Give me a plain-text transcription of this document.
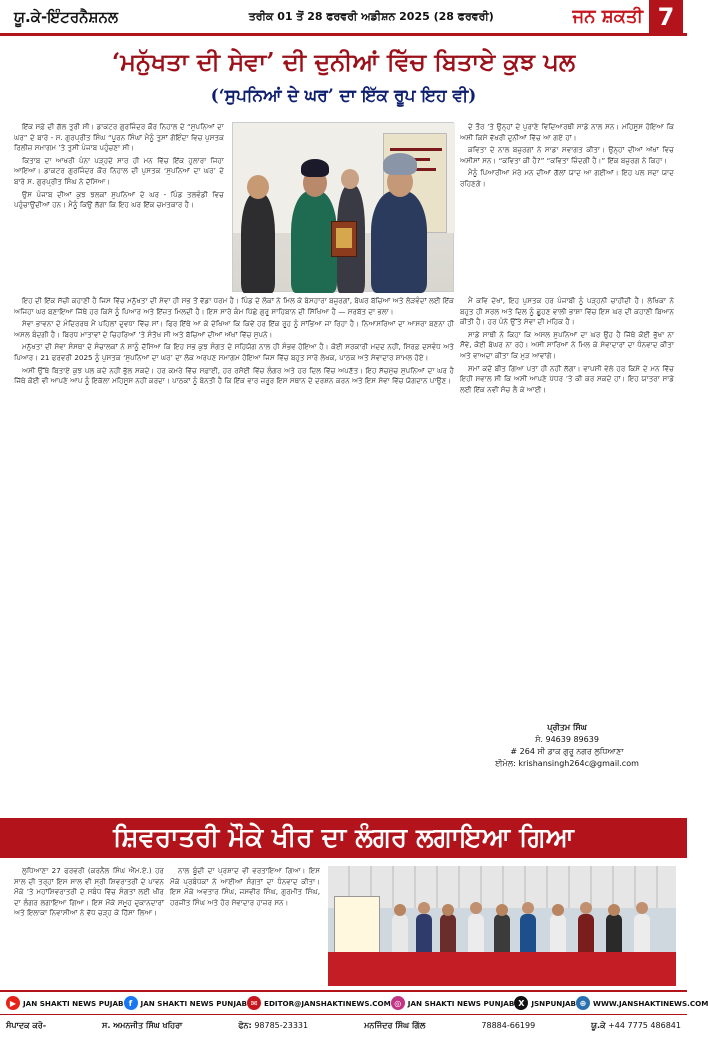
ਯੂ.ਕੇ-ਇੰਟਰਨੈਸ਼ਨਲ	ਤਰੀਕ 01 ਤੋਂ 28 ਫਰਵਰੀ ਅਡੀਸ਼ਨ 2025 (28 ਫਰਵਰੀ)	ਜਨ ਸ਼ਕਤੀ 7
‘ਮਨੁੱਖਤਾ ਦੀ ਸੇਵਾ’ ਦੀ ਦੁਨੀਆਂ ਵਿੱਚ ਬਿਤਾਏ ਕੁਝ ਪਲ
(‘ਸੁਪਨਿਆਂ ਦੇ ਘਰ’ ਦਾ ਇੱਕ ਰੂਪ ਇਹ ਵੀ)

ਇੱਕ ਸਫ਼ੇ ਦੀ ਗੱਲ ਤੁਰੀ ਸੀ। ਡਾਕਟਰ ਗੁਰਜਿੰਦਰ ਕੌਰ ਨਿਹਾਲ ਦੇ “ਸੁਪਨਿਆਂ ਦਾ ਘਰ” ਦੇ ਬਾਰੇ - ਸ. ਗੁਰਪ੍ਰੀਤ ਸਿੰਘ “ਪੂਰਨ ਸਿੰਘਾਂ ਮੈਨੂੰ ਤੁਸਾਂ ਗੋਇੰਦਾ ਵਿਚ ਪੁਸਤਕ ਰਿਲੀਜ਼ ਸਮਾਗਮ ’ਤੇ ਤੁਸੀਂ ਪੰਜਾਬ ਪਹੁੰਚਣਾ ਸੀ।

ਕਿਤਾਬ ਦਾ ਆਖਰੀ ਪੰਨਾ ਪੜ੍ਹਦੇ ਸਾਰ ਹੀ ਮਨ ਵਿੱਚ ਇੱਕ ਹੁਲਾਰਾ ਜਿਹਾ ਆਇਆ। ਡਾਕਟਰ ਗੁਰਜਿੰਦਰ ਕੌਰ ਨਿਹਾਲ ਦੀ ਪੁਸਤਕ ‘ਸੁਪਨਿਆਂ ਦਾ ਘਰ’ ਦੇ ਬਾਰੇ ਸ. ਗੁਰਪ੍ਰੀਤ ਸਿੰਘ ਨੇ ਦੱਸਿਆ।

ਉਸ ਪੰਜਾਬ ਦੀਆਂ ਕੁਝ ਝਲਕਾਂ ਸੁਪਨਿਆਂ ਦੇ ਘਰ - ਪਿੰਡ ਤਲਵੰਡੀ ਵਿਚ ਪਹੁੰਚਾਉਂਦੀਆਂ ਹਨ। ਮੈਨੂੰ ਕਿਉਂ ਲੱਗਾ ਕਿ ਇਹ ਘਰ ਇੱਕ ਚਮਤਕਾਰ ਹੈ।

ਦੇ ਤੌਰ ’ਤੇ ਉਨ੍ਹਾਂ ਦੇ ਪੁਰਾਣੇ ਵਿਦਿਆਰਥੀ ਸਾਡੇ ਨਾਲ ਸਨ। ਮਹਿਸੂਸ ਹੋਇਆ ਕਿ ਅਸੀਂ ਕਿਸੇ ਵੱਖਰੀ ਦੁਨੀਆਂ ਵਿੱਚ ਆ ਗਏ ਹਾਂ।

ਕਵਿਤਾ ਦੇ ਨਾਲ ਬਜ਼ੁਰਗਾਂ ਨੇ ਸਾਡਾ ਸਵਾਗਤ ਕੀਤਾ। ਉਨ੍ਹਾਂ ਦੀਆਂ ਅੱਖਾਂ ਵਿਚ ਅਸੀਸਾਂ ਸਨ। “ਕਵਿਤਾ ਕੀ ਹੈ?” “ਕਵਿਤਾ ਜ਼ਿੰਦਗੀ ਹੈ।” ਇੱਕ ਬਜ਼ੁਰਗ ਨੇ ਕਿਹਾ।

ਮੈਨੂੰ ਪਿਆਰੀਆਂ ਮੇਰੇ ਮਨ ਦੀਆਂ ਗੱਲਾਂ ਯਾਦ ਆ ਗਈਆਂ। ਇਹ ਪਲ ਸਦਾ ਯਾਦ ਰਹਿਣਗੇ।

ਇਹ ਦੀ ਇੱਕ ਸੱਚੀ ਕਹਾਣੀ ਹੈ ਜਿਸ ਵਿੱਚ ਮਨੁੱਖਤਾ ਦੀ ਸੇਵਾ ਹੀ ਸਭ ਤੋਂ ਵੱਡਾ ਧਰਮ ਹੈ। ਪਿੰਡ ਦੇ ਲੋਕਾਂ ਨੇ ਮਿਲ ਕੇ ਬੇਸਹਾਰਾ ਬਜ਼ੁਰਗਾਂ, ਬੇਘਰ ਬੱਚਿਆਂ ਅਤੇ ਲੋੜਵੰਦਾਂ ਲਈ ਇੱਕ ਅਜਿਹਾ ਘਰ ਬਣਾਇਆ ਜਿੱਥੇ ਹਰ ਕਿਸੇ ਨੂੰ ਪਿਆਰ ਅਤੇ ਇੱਜ਼ਤ ਮਿਲਦੀ ਹੈ। ਇਸ ਸਾਰੇ ਕੰਮ ਪਿੱਛੇ ਗੁਰੂ ਸਾਹਿਬਾਨ ਦੀ ਸਿੱਖਿਆ ਹੈ — ਸਰਬੱਤ ਦਾ ਭਲਾ।

ਸੇਵਾ ਭਾਵਨਾ ਦੇ ਮੰਦਿਰਰਥ ਮੈਂ ਪਹਿਲਾਂ ਦੁਵਧਾ ਵਿੱਚ ਸਾਂ। ਫਿਰ ਇੱਥੇ ਆ ਕੇ ਦੇਖਿਆ ਕਿ ਕਿਵੇਂ ਹਰ ਇੱਕ ਰੂਹ ਨੂੰ ਸਾਂਭਿਆ ਜਾ ਰਿਹਾ ਹੈ। ਨਿਆਸਰਿਆਂ ਦਾ ਆਸਰਾ ਬਣਨਾ ਹੀ ਅਸਲ ਬੰਦਗੀ ਹੈ। ਬਿਰਧ ਮਾਤਾਵਾਂ ਦੇ ਚਿਹਰਿਆਂ ’ਤੇ ਸੰਤੋਖ ਸੀ ਅਤੇ ਬੱਚਿਆਂ ਦੀਆਂ ਅੱਖਾਂ ਵਿੱਚ ਸੁਪਨੇ।

ਮਨੁੱਖਤਾ ਦੀ ਸੇਵਾ ਸੰਸਥਾ ਦੇ ਸੰਚਾਲਕਾਂ ਨੇ ਸਾਨੂੰ ਦੱਸਿਆ ਕਿ ਇਹ ਸਭ ਕੁਝ ਸੰਗਤ ਦੇ ਸਹਿਯੋਗ ਨਾਲ ਹੀ ਸੰਭਵ ਹੋਇਆ ਹੈ। ਕੋਈ ਸਰਕਾਰੀ ਮਦਦ ਨਹੀਂ, ਸਿਰਫ਼ ਦਸਵੰਧ ਅਤੇ ਪਿਆਰ। 21 ਫਰਵਰੀ 2025 ਨੂੰ ਪੁਸਤਕ ‘ਸੁਪਨਿਆਂ ਦਾ ਘਰ’ ਦਾ ਲੋਕ ਅਰਪਣ ਸਮਾਗਮ ਹੋਇਆ ਜਿਸ ਵਿੱਚ ਬਹੁਤ ਸਾਰੇ ਲੇਖਕ, ਪਾਠਕ ਅਤੇ ਸੇਵਾਦਾਰ ਸ਼ਾਮਲ ਹੋਏ।

ਅਸੀਂ ਉੱਥੇ ਬਿਤਾਏ ਕੁਝ ਪਲ ਕਦੇ ਨਹੀਂ ਭੁੱਲ ਸਕਦੇ। ਹਰ ਕਮਰੇ ਵਿੱਚ ਸਫ਼ਾਈ, ਹਰ ਰਸੋਈ ਵਿੱਚ ਲੰਗਰ ਅਤੇ ਹਰ ਦਿਲ ਵਿੱਚ ਅਪਣੱਤ। ਇਹ ਸੱਚਮੁੱਚ ਸੁਪਨਿਆਂ ਦਾ ਘਰ ਹੈ ਜਿੱਥੇ ਕੋਈ ਵੀ ਆਪਣੇ ਆਪ ਨੂੰ ਇਕੱਲਾ ਮਹਿਸੂਸ ਨਹੀਂ ਕਰਦਾ। ਪਾਠਕਾਂ ਨੂੰ ਬੇਨਤੀ ਹੈ ਕਿ ਇੱਕ ਵਾਰ ਜ਼ਰੂਰ ਇਸ ਸਥਾਨ ਦੇ ਦਰਸ਼ਨ ਕਰਨ ਅਤੇ ਇਸ ਸੇਵਾ ਵਿੱਚ ਯੋਗਦਾਨ ਪਾਉਣ।

ਮੈਂ ਕਵਿ ਦੇਖਾਂ, ਇਹ ਪੁਸਤਕ ਹਰ ਪੰਜਾਬੀ ਨੂੰ ਪੜ੍ਹਨੀ ਚਾਹੀਦੀ ਹੈ। ਲੇਖਿਕਾ ਨੇ ਬਹੁਤ ਹੀ ਸਰਲ ਅਤੇ ਦਿਲ ਨੂੰ ਛੂਹਣ ਵਾਲੀ ਭਾਸ਼ਾ ਵਿੱਚ ਇਸ ਘਰ ਦੀ ਕਹਾਣੀ ਬਿਆਨ ਕੀਤੀ ਹੈ। ਹਰ ਪੰਨੇ ਉੱਤੇ ਸੇਵਾ ਦੀ ਮਹਿਕ ਹੈ।

ਸਾਡੇ ਸਾਥੀ ਨੇ ਕਿਹਾ ਕਿ ਅਸਲ ਸੁਪਨਿਆਂ ਦਾ ਘਰ ਉਹ ਹੈ ਜਿੱਥੇ ਕੋਈ ਭੁੱਖਾ ਨਾ ਸੌਂਵੇ, ਕੋਈ ਬੇਘਰ ਨਾ ਰਹੇ। ਅਸੀਂ ਸਾਰਿਆਂ ਨੇ ਮਿਲ ਕੇ ਸੇਵਾਦਾਰਾਂ ਦਾ ਧੰਨਵਾਦ ਕੀਤਾ ਅਤੇ ਵਾਅਦਾ ਕੀਤਾ ਕਿ ਮੁੜ ਆਵਾਂਗੇ।

ਸਮਾਂ ਕਦੋਂ ਬੀਤ ਗਿਆ ਪਤਾ ਹੀ ਨਹੀਂ ਲੱਗਾ। ਵਾਪਸੀ ਵੇਲੇ ਹਰ ਕਿਸੇ ਦੇ ਮਨ ਵਿੱਚ ਇਹੀ ਸਵਾਲ ਸੀ ਕਿ ਅਸੀਂ ਆਪਣੇ ਪੱਧਰ ’ਤੇ ਕੀ ਕਰ ਸਕਦੇ ਹਾਂ। ਇਹ ਯਾਤਰਾ ਸਾਡੇ ਲਈ ਇੱਕ ਨਵੀਂ ਸੋਚ ਲੈ ਕੇ ਆਈ।

ਪ੍ਰੀਤਮ ਸਿੰਘ
ਸੰ. 94639 89639
# 264 ਸੀ ਡਾਕ ਗੁਰੂ ਨਗਰ ਲੁਧਿਆਣਾ
ਈਮੇਲ: krishansingh264c@gmail.com
ਸ਼ਿਵਰਾਤਰੀ ਮੌਕੇ ਖੀਰ ਦਾ ਲੰਗਰ ਲਗਾਇਆ ਗਿਆ

ਲੁਧਿਆਣਾ 27 ਫਰਵਰੀ (ਕਰਨੈਲ ਸਿੰਘ ਐੱਮ.ਏ.) ਹਰ ਸਾਲ ਦੀ ਤਰ੍ਹਾਂ ਇਸ ਸਾਲ ਵੀ ਸ੍ਰੀ ਸ਼ਿਵਰਾਤਰੀ ਦੇ ਪਾਵਨ ਮੌਕੇ ’ਤੇ ਮਹਾਂਸ਼ਿਵਰਾਤਰੀ ਦੇ ਸਬੰਧ ਵਿੱਚ ਸੰਗਤਾਂ ਲਈ ਖੀਰ ਦਾ ਲੰਗਰ ਲਗਾਇਆ ਗਿਆ। ਇਸ ਮੌਕੇ ਸਮੂਹ ਦੁਕਾਨਦਾਰਾਂ ਅਤੇ ਇਲਾਕਾ ਨਿਵਾਸੀਆਂ ਨੇ ਵੱਧ ਚੜ੍ਹ ਕੇ ਹਿੱਸਾ ਲਿਆ।

ਨਾਲ ਬੂੰਦੀ ਦਾ ਪ੍ਰਸ਼ਾਦ ਵੀ ਵਰਤਾਇਆ ਗਿਆ। ਇਸ ਮੌਕੇ ਪ੍ਰਬੰਧਕਾਂ ਨੇ ਆਈਆਂ ਸੰਗਤਾਂ ਦਾ ਧੰਨਵਾਦ ਕੀਤਾ। ਇਸ ਮੌਕੇ ਅਵਤਾਰ ਸਿੰਘ, ਜਸਵੀਰ ਸਿੰਘ, ਗੁਰਮੀਤ ਸਿੰਘ, ਹਰਜੀਤ ਸਿੰਘ ਅਤੇ ਹੋਰ ਸੇਵਾਦਾਰ ਹਾਜ਼ਰ ਸਨ।

▶ JAN SHAKTI NEWS PUJAB f	JAN SHAKTI NEWS PUNJAB ✉ EDITOR@JANSHAKTINEWS.COM ◎ JAN SHAKTI NEWS PUNJAB X JSNPUNJAB ⊕ WWW.JANSHAKTINEWS.COM
ਸੰਪਾਦਕ ਕਰੋ-	ਸ. ਅਮਨਜੀਤ ਸਿੰਘ ਖਹਿਰਾ	ਫੋਨ: 98785-23331	ਮਨਜਿੰਦਰ ਸਿੰਘ ਗਿੱਲ	78884-66199	ਯੂ.ਕੇ +44 7775 486841
